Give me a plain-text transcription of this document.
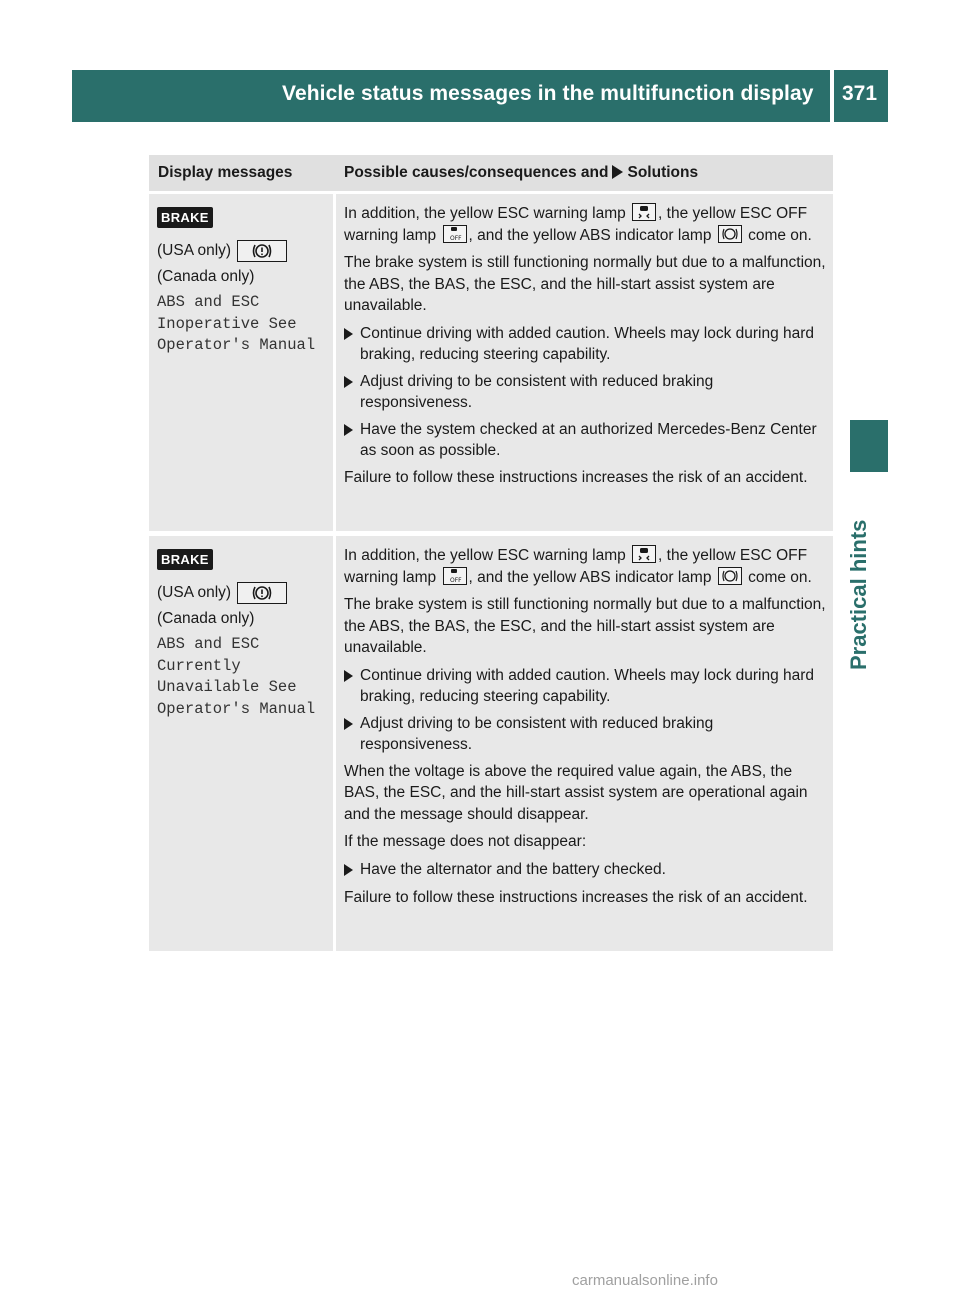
Vehicle status messages in the multifunction display 371
Practical hints
Display messages	Possible causes/consequences and Solutions
BRAKE
(USA only)
(Canada only)
ABS and ESC
Inoperative See
Operator's Manual

In addition, the yellow ESC warning lamp , the yellow ESC OFF warning lamp OFF , and the yellow ABS indicator lamp come on.

The brake system is still functioning normally but due to a malfunction, the ABS, the BAS, the ESC, and the hill-start assist system are unavailable.

Continue driving with added caution. Wheels may lock during hard braking, reducing steering capability.
Adjust driving to be consistent with reduced braking responsiveness.
Have the system checked at an authorized Mercedes-Benz Center as soon as possible.

Failure to follow these instructions increases the risk of an accident.

BRAKE
(USA only)
(Canada only)
ABS and ESC
Currently
Unavailable See
Operator's Manual

In addition, the yellow ESC warning lamp , the yellow ESC OFF warning lamp OFF , and the yellow ABS indicator lamp come on.

The brake system is still functioning normally but due to a malfunction, the ABS, the BAS, the ESC, and the hill-start assist system are unavailable.

Continue driving with added caution. Wheels may lock during hard braking, reducing steering capability.
Adjust driving to be consistent with reduced braking responsiveness.

When the voltage is above the required value again, the ABS, the BAS, the ESC, and the hill-start assist system are operational again and the message should disappear.

If the message does not disappear:

Have the alternator and the battery checked.

Failure to follow these instructions increases the risk of an accident.

carmanualsonline.info
